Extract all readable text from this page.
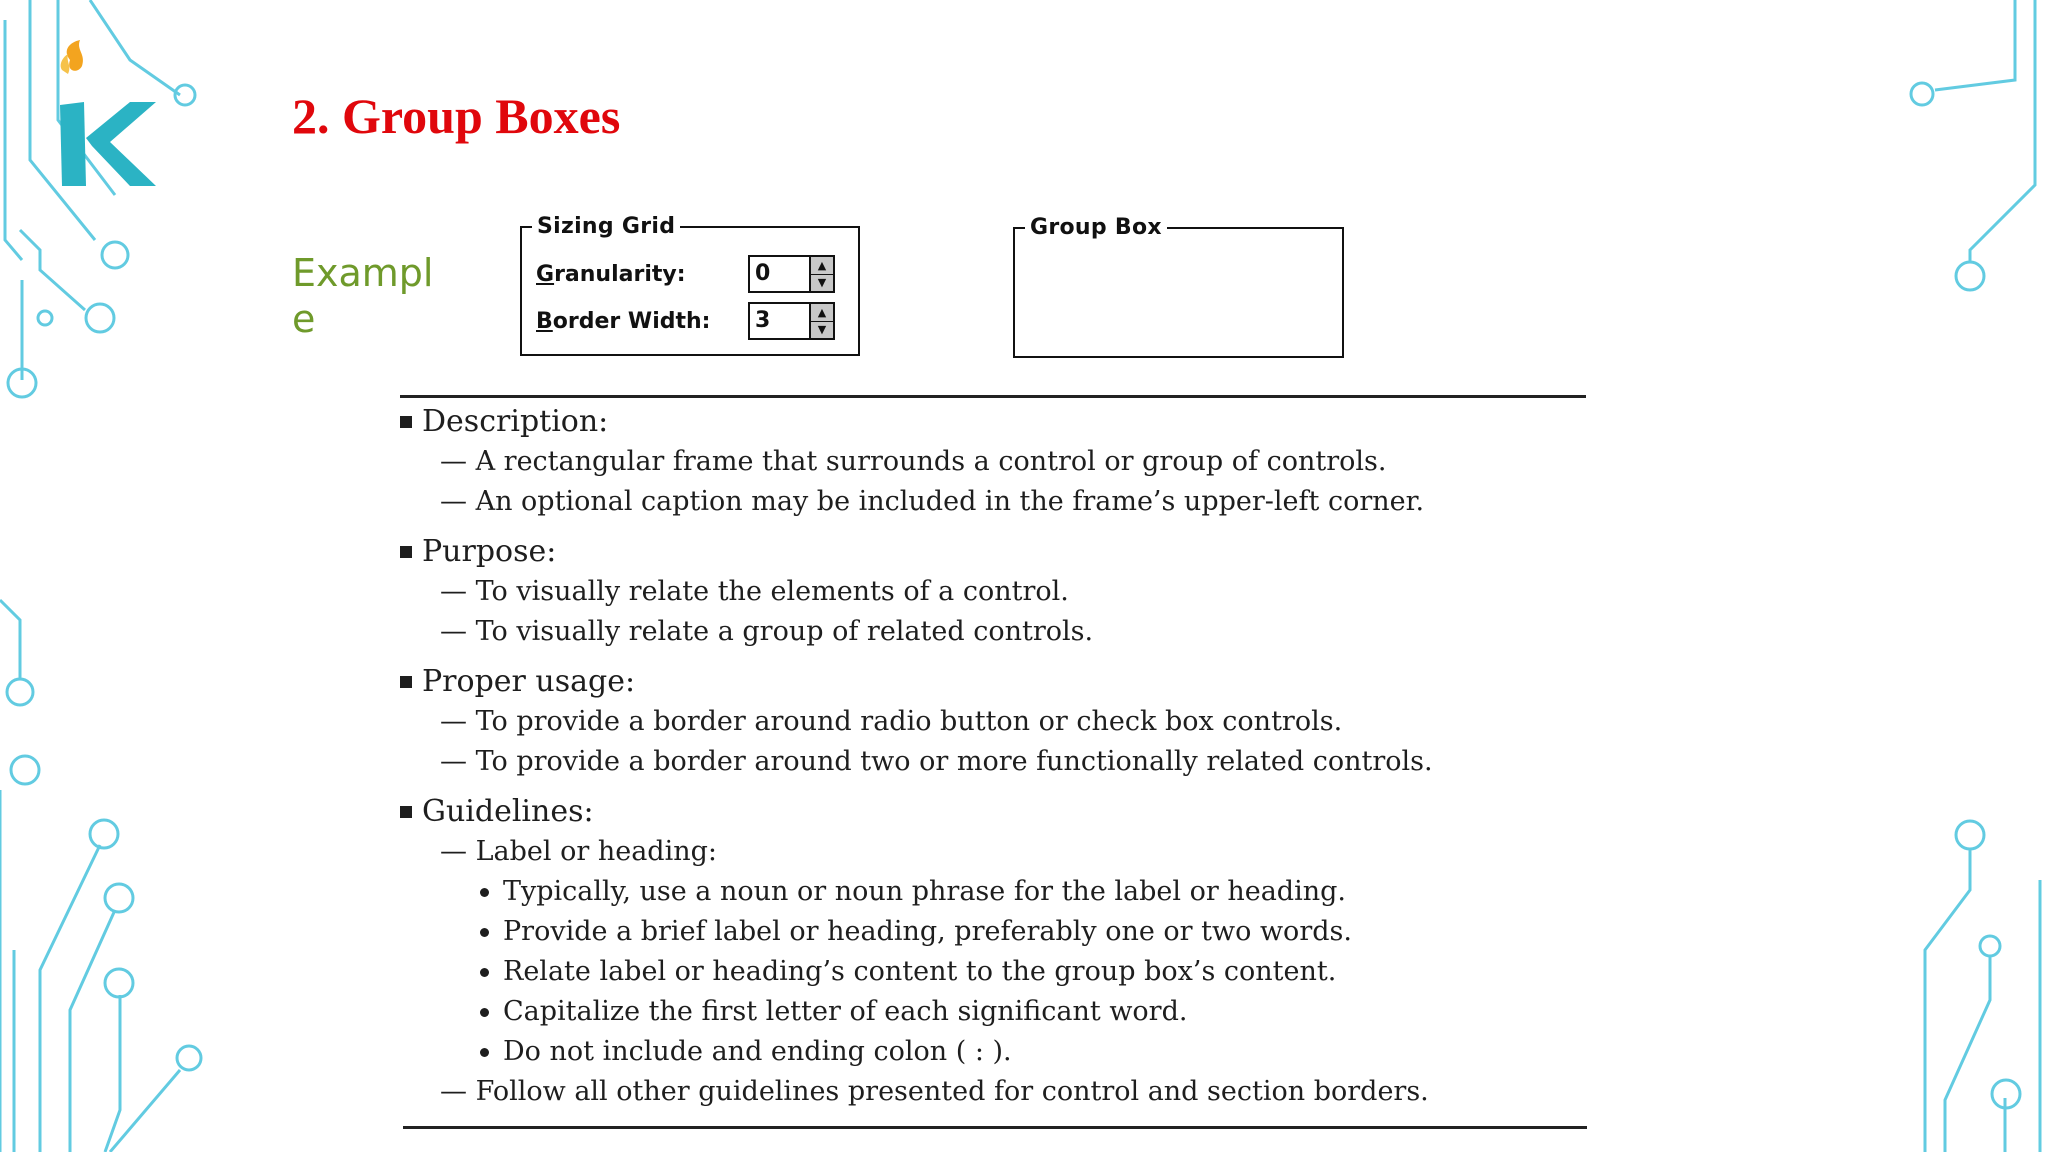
2. Group Boxes
Exampl e
Sizing Grid
Granularity:	0	▲
▼
Border Width:	3	▲
▼
Group Box
Description:
— A rectangular frame that surrounds a control or group of controls.
— An optional caption may be included in the frame’s upper-left corner.
Purpose:
— To visually relate the elements of a control.
— To visually relate a group of related controls.
Proper usage:
— To provide a border around radio button or check box controls.
— To provide a border around two or more functionally related controls.
Guidelines:
— Label or heading:
Typically, use a noun or noun phrase for the label or heading.
Provide a brief label or heading, preferably one or two words.
Relate label or heading’s content to the group box’s content.
Capitalize the first letter of each significant word.
Do not include and ending colon ( : ).
— Follow all other guidelines presented for control and section borders.
